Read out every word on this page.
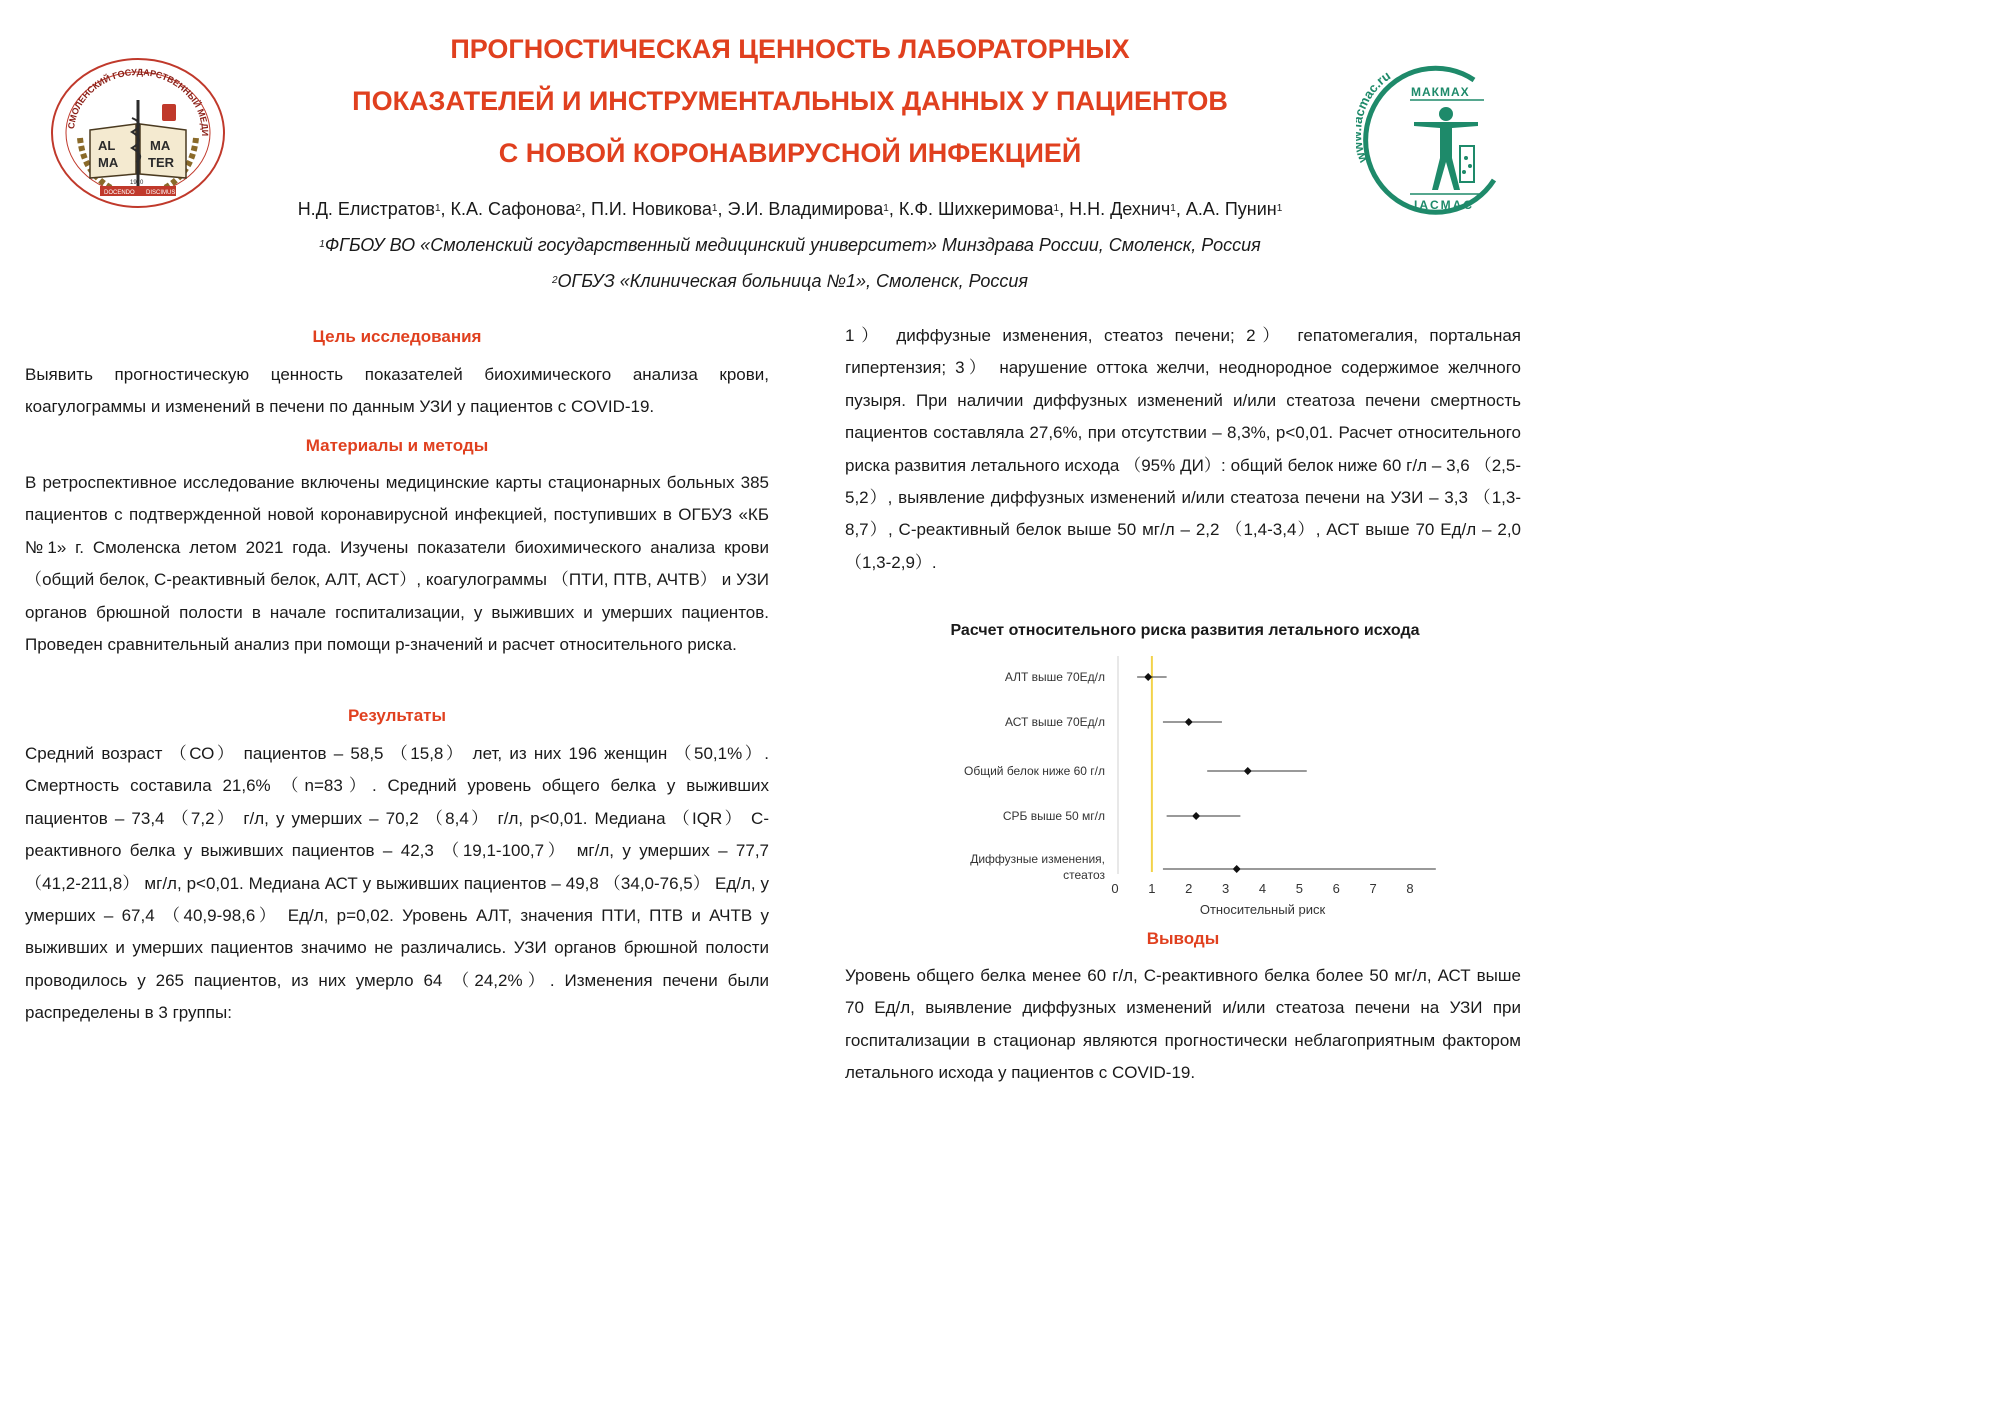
ПРОГНОСТИЧЕСКАЯ ЦЕННОСТЬ ЛАБОРАТОРНЫХ
ПОКАЗАТЕЛЕЙ И ИНСТРУМЕНТАЛЬНЫХ ДАННЫХ У ПАЦИЕНТОВ
С НОВОЙ КОРОНАВИРУСНОЙ ИНФЕКЦИЕЙ
СМОЛЕНСКИЙ ГОСУДАРСТВЕННЫЙ МЕДИ
AL
MA
MA
TER
DOCENDO DISCIMUS
1920
ac.ru
МАКМАХ
IACMAC
Н.Д. Елистратов$^1$, К.А. Сафонова$^2$, П.И. Новикова$^1$, Э.И. Владимирова$^1$, К.Ф. Шихкеримова$^1$, Н.Н. Дехнич$^1$, А.А. Пунин$^1$
$^1$ФГБОУ ВО «Смоленский государственный медицинский университет» Минздрава России, Смоленск, Россия
$^2$ОГБУЗ «Клиническая больница №1», Смоленск, Россия
Цель исследования
Выявить прогностическую ценность показателей биохимического анализа крови, коагулограммы и изменений в печени по данным УЗИ у пациентов с COVID-19.
Материалы и методы
В ретроспективное исследование включены медицинские карты стационарных больных 385 пациентов с подтвержденной новой коронавирусной инфекцией, поступивших в ОГБУЗ «КБ №1» г. Смоленска летом 2021 года. Изучены показатели биохимического анализа крови （общий белок, С-реактивный белок, АЛТ, АСТ）, коагулограммы （ПТИ, ПТВ, АЧТВ） и УЗИ органов брюшной полости в начале госпитализации, у выживших и умерших пациентов. Проведен сравнительный анализ при помощи p-значений и расчет относительного риска.
Результаты
Средний возраст （СО） пациентов – 58,5 （15,8） лет, из них 196 женщин （50,1%）. Смертность составила 21,6% （n=83）. Средний уровень общего белка у выживших пациентов – 73,4 （7,2） г/л, у умерших – 70,2 （8,4） г/л, p<0,01. Медиана （IQR） С-реактивного белка у выживших пациентов – 42,3 （19,1-100,7） мг/л, у умерших – 77,7 （41,2-211,8） мг/л, p<0,01. Медиана АСТ у выживших пациентов – 49,8 （34,0-76,5） Ед/л, у умерших – 67,4 （40,9-98,6） Ед/л, p=0,02. Уровень АЛТ, значения ПТИ, ПТВ и АЧТВ у выживших и умерших пациентов значимо не различались. УЗИ органов брюшной полости проводилось у 265 пациентов, из них умерло 64 （24,2%）. Изменения печени были распределены в 3 группы:
1） диффузные изменения, стеатоз печени; 2） гепатомегалия, портальная гипертензия; 3） нарушение оттока желчи, неоднородное содержимое желчного пузыря. При наличии диффузных изменений и/или стеатоза печени смертность пациентов составляла 27,6%, при отсутствии – 8,3%, p<0,01. Расчет относительного риска развития летального исхода （95% ДИ）: общий белок ниже 60 г/л – 3,6 （2,5-5,2）, выявление диффузных изменений и/или стеатоза печени на УЗИ – 3,3 （1,3-8,7）, С-реактивный белок выше 50 мг/л – 2,2 （1,4-3,4）, АСТ выше 70 Ед/л – 2,0 （1,3-2,9）.
Расчет относительного риска развития летального исхода
АЛТ выше 70Ед/л
АСТ выше 70Ед/л
Общий белок ниже 60 г/л
СРБ выше 50 мг/л
Диффузные изменения,
стеатоз
0 1 2 3 4 5 6 7 8
Относительный риск
Выводы
Уровень общего белка менее 60 г/л, С-реактивного белка более 50 мг/л, АСТ выше 70 Ед/л, выявление диффузных изменений и/или стеатоза печени на УЗИ при госпитализации в стационар являются прогностически неблагоприятным фактором летального исхода у пациентов с COVID-19.
